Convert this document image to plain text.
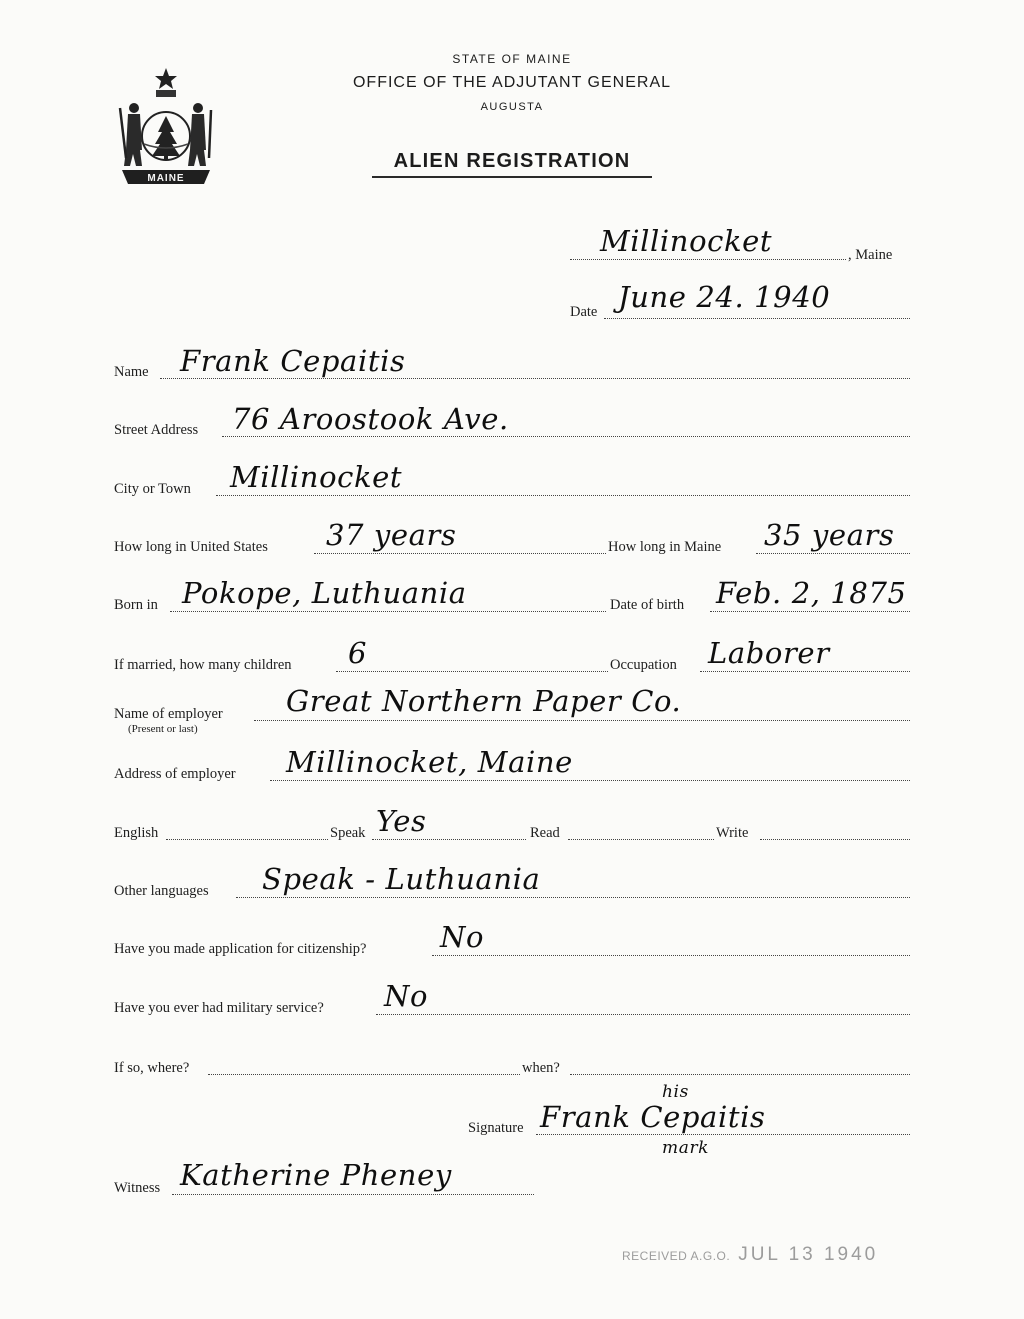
MAINE
STATE OF MAINE
OFFICE OF THE ADJUTANT GENERAL
AUGUSTA
ALIEN REGISTRATION
Millinocket	, Maine
Date June 24. 1940
Name Frank Cepaitis
Street Address 76 Aroostook Ave.
City or Town Millinocket
How long in United States 37 years	How long in Maine 35 years
Born in Pokope, Luthuania	Date of birth Feb. 2, 1875
If married, how many children 6	Occupation Laborer
Name of employer
(Present or last)
Great Northern Paper Co.
Address of employer Millinocket, Maine
English	Speak Yes	Read	Write
Other languages Speak - Luthuania
Have you made application for citizenship?	No
Have you ever had military service? No
If so, where?	when?
Signature
his
Frank Cepaitis
mark
Witness Katherine Pheney
RECEIVED A.G.O. JUL 13 1940
